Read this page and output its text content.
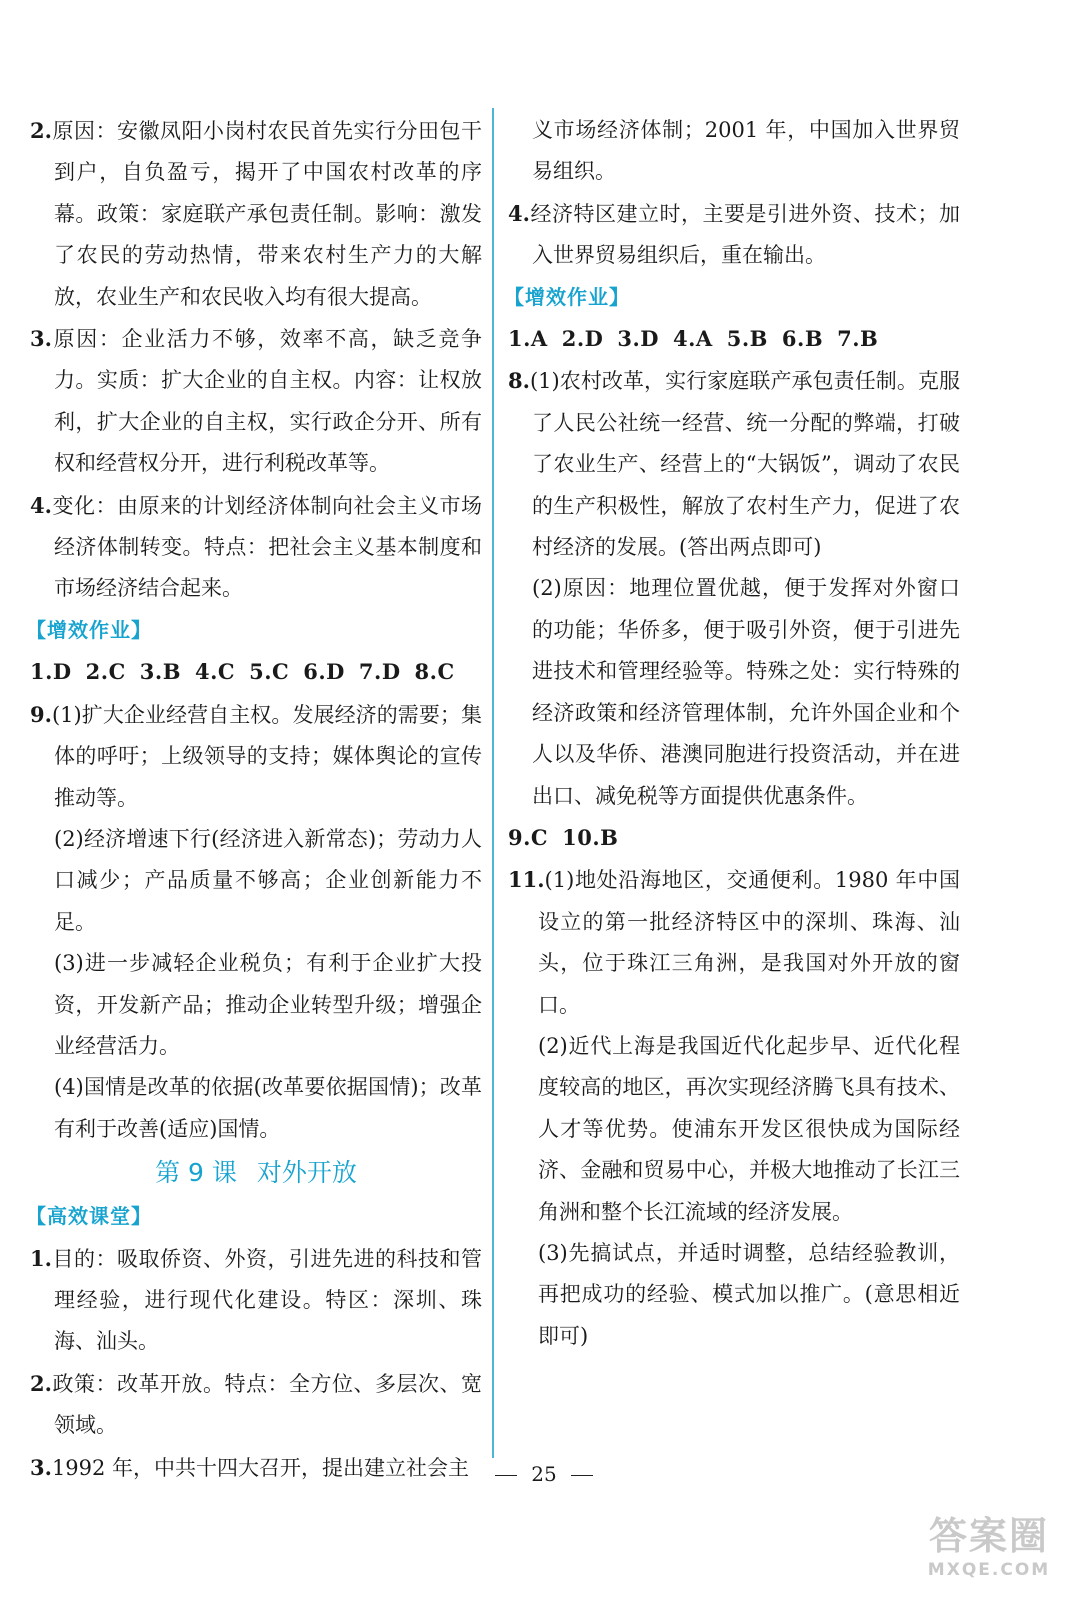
2.原因：安徽凤阳小岗村农民首先实行分田包干到户，自负盈亏，揭开了中国农村改革的序幕。政策：家庭联产承包责任制。影响：激发了农民的劳动热情，带来农村生产力的大解放，农业生产和农民收入均有很大提高。
3.原因：企业活力不够，效率不高，缺乏竞争力。实质：扩大企业的自主权。内容：让权放利，扩大企业的自主权，实行政企分开、所有权和经营权分开，进行利税改革等。
4.变化：由原来的计划经济体制向社会主义市场经济体制转变。特点：把社会主义基本制度和市场经济结合起来。
【增效作业】
1.D 2.C 3.B 4.C 5.C 6.D 7.D 8.C
9.(1)扩大企业经营自主权。发展经济的需要；集体的呼吁；上级领导的支持；媒体舆论的宣传推动等。
(2)经济增速下行(经济进入新常态)；劳动力人口减少；产品质量不够高；企业创新能力不足。
(3)进一步减轻企业税负；有利于企业扩大投资，开发新产品；推动企业转型升级；增强企业经营活力。
(4)国情是改革的依据(改革要依据国情)；改革有利于改善(适应)国情。
第 9 课 对外开放
【高效课堂】
1.目的：吸取侨资、外资，引进先进的科技和管理经验，进行现代化建设。特区：深圳、珠海、汕头。
2.政策：改革开放。特点：全方位、多层次、宽领域。
3.1992 年，中共十四大召开，提出建立社会主
义市场经济体制；2001 年，中国加入世界贸易组织。
4.经济特区建立时，主要是引进外资、技术；加入世界贸易组织后，重在输出。
【增效作业】
1.A 2.D 3.D 4.A 5.B 6.B 7.B
8.(1)农村改革，实行家庭联产承包责任制。克服了人民公社统一经营、统一分配的弊端，打破了农业生产、经营上的“大锅饭”，调动了农民的生产积极性，解放了农村生产力，促进了农村经济的发展。(答出两点即可)
(2)原因：地理位置优越，便于发挥对外窗口的功能；华侨多，便于吸引外资，便于引进先进技术和管理经验等。特殊之处：实行特殊的经济政策和经济管理体制，允许外国企业和个人以及华侨、港澳同胞进行投资活动，并在进出口、减免税等方面提供优惠条件。
9.C 10.B
11.(1)地处沿海地区，交通便利。1980 年中国设立的第一批经济特区中的深圳、珠海、汕头，位于珠江三角洲，是我国对外开放的窗口。
(2)近代上海是我国近代化起步早、近代化程度较高的地区，再次实现经济腾飞具有技术、人才等优势。使浦东开发区很快成为国际经济、金融和贸易中心，并极大地推动了长江三角洲和整个长江流域的经济发展。
(3)先搞试点，并适时调整，总结经验教训，再把成功的经验、模式加以推广。(意思相近即可)
25
答案圈
MXQE.COM
